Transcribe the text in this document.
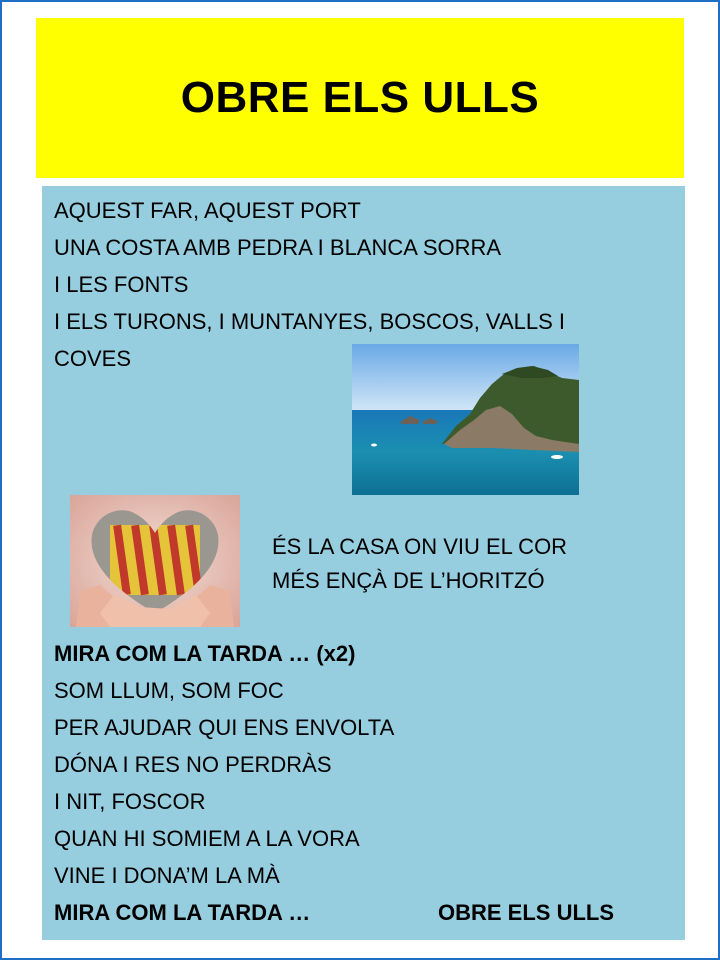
OBRE ELS ULLS
AQUEST FAR, AQUEST PORT
UNA COSTA AMB PEDRA I BLANCA SORRA
I LES FONTS
I ELS TURONS, I MUNTANYES, BOSCOS, VALLS I
COVES
ÉS LA CASA ON VIU EL COR
MÉS ENÇÀ DE L’HORITZÓ
MIRA COM LA TARDA … (x2)
SOM LLUM, SOM FOC
PER AJUDAR QUI ENS ENVOLTA
DÓNA I RES NO PERDRÀS
I NIT, FOSCOR
QUAN HI SOMIEM A LA VORA
VINE I DONA’M LA MÀ
MIRA COM LA TARDA …	OBRE ELS ULLS
